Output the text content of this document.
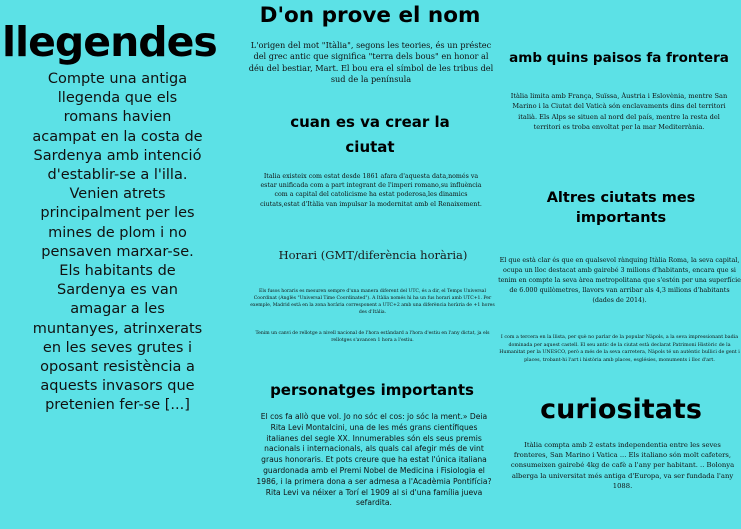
llegendes
Compte una antiga llegenda que els romans havien acampat en la costa de Sardenya amb intenció d'establir-se a l'illa. Venien atrets principalment per les mines de plom i no pensaven marxar-se. Els habitants de Sardenya es van amagar a les muntanyes, atrinxerats en les seves grutes i oposant resistència a aquests invasors que pretenien fer-se [...]
D'on prove el nom
L'origen del mot "Itàlia", segons les teories, és un préstec del grec antic que significa "terra dels bous" en honor al déu del bestiar, Mart. El bou era el símbol de les tribus del sud de la península
cuan es va crear la ciutat
Italia existeix com estat desde 1861 afara d'aquesta data,només va estar unificada com a part integrant de l'imperi romano,su influència com a capital del catolicisme ha estat poderosa,les dinamics ciutats,estat d'Itàlia van impulsar la modernitat amb el Renaixement.
Horari (GMT/diferència horària)
Els fusos horaris es mesuren sempre d'una manera diferent del UTC, és a dir, el Temps Universal Coordinat (Anglès "Universal Time Coordinated"). A Itàlia només hi ha un fus horari amb UTC+1. Per exemple, Madrid està en la zona horària corresponent a UTC+2 amb una diferència horària de +1 hores des d'Itàlia.
Tenim un canvi de rellotge a nivell nacional de l'hora estàndard a l'hora d'estiu en l'any dictat, ja els rellotges s'avancen 1 hora a l'estiu.
personatges importants
El cos fa allò que vol. Jo no sóc el cos: jo sóc la ment.» Deia Rita Levi Montalcini, una de les més grans científiques italianes del segle XX. Innumerables són els seus premis nacionals i internacionals, als quals cal afegir més de vint graus honoraris. Et pots creure que ha estat l'única italiana guardonada amb el Premi Nobel de Medicina i Fisiologia el 1986, i la primera dona a ser admesa a l'Acadèmia Pontifícia? Rita Levi va néixer a Torí el 1909 al si d'una família jueva sefardita.
amb quins paisos fa frontera
Itàlia limita amb França, Suïssa, Àustria i Eslovènia, mentre San Marino i la Ciutat del Vaticà són enclavaments dins del territori italià. Els Alps se situen al nord del país, mentre la resta del territori es troba envoltat per la mar Mediterrània.
Altres ciutats mes importants
El que està clar és que en qualsevol rànquing Itàlia Roma, la seva capital, ocupa un lloc destacat amb gairebé 3 milions d'habitants, encara que si tenim en compte la seva àrea metropolitana que s'estén per una superfície de 6.000 quilòmetres, llavors van arribar als 4,3 milions d'habitants (dades de 2014).
I com a tercera en la llista, per què no parlar de la popular Nàpols, a la seva impressionant badia dominada per aquest castell. El seu antic de la ciutat està declarat Patrimoni Històric de la Humanitat per la UNESCO, però a més de la seva carretera, Nàpols té un autèntic bullici de gent i places, trobant-hi l'art i història amb places, esglésies, monuments i lloc d'art.
curiositats
Itàlia compta amb 2 estats independentia entre les seves fronteres, San Marino i Vatica ... Els italiano són molt cafeters, consumeixen gairebé 4kg de cafè a l'any per habitant. .. Bolonya alberga la universitat més antiga d'Europa, va ser fundada l'any 1088.
